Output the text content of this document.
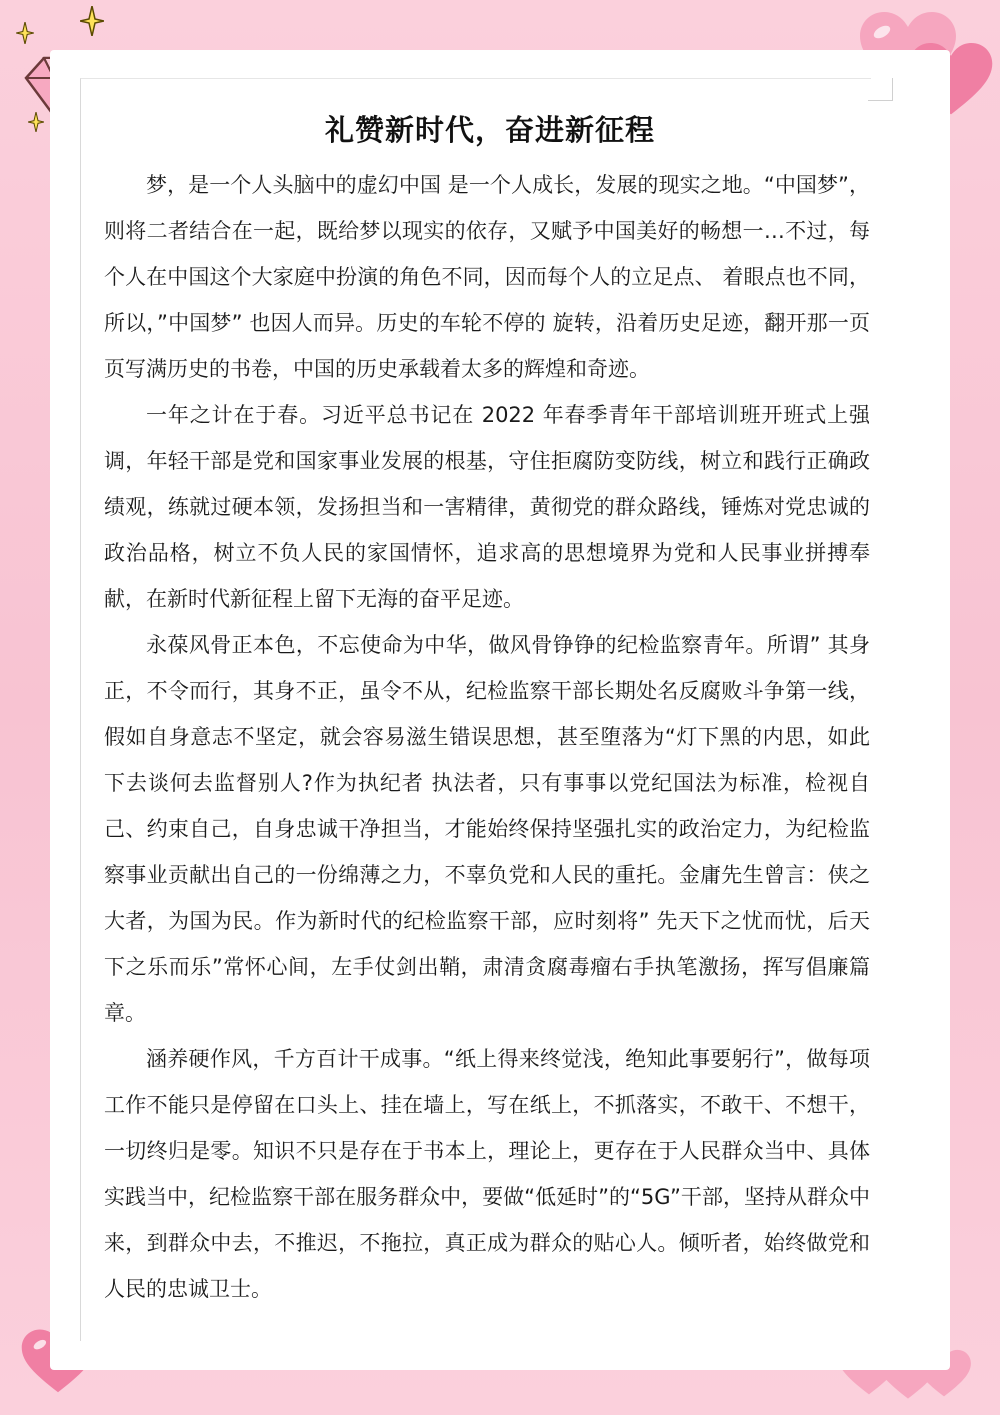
礼赞新时代，奋进新征程

梦，是一个人头脑中的虚幻中国 是一个人成长，发展的现实之地。“中国梦”，则将二者结合在一起，既给梦以现实的依存，又赋予中国美好的畅想一…不过，每个人在中国这个大家庭中扮演的角色不同，因而每个人的立足点、 着眼点也不同，所以，”中国梦” 也因人而异。历史的车轮不停的 旋转，沿着历史足迹，翻开那一页页写满历史的书卷，中国的历史承载着太多的辉煌和奇迹。

一年之计在于春。习近平总书记在 2022 年春季青年干部培训班开班式上强调，年轻干部是党和国家事业发展的根基，守住拒腐防变防线，树立和践行正确政绩观，练就过硬本领，发扬担当和一害精律，黄彻党的群众路线，锤炼对党忠诚的政治品格，树立不负人民的家国情怀，追求高的思想境界为党和人民事业拼搏奉献，在新时代新征程上留下无海的奋平足迹。

永葆风骨正本色，不忘使命为中华，做风骨铮铮的纪检监察青年。所谓” 其身正，不令而行，其身不正，虽令不从，纪检监察干部长期处名反腐败斗争第一线，假如自身意志不坚定，就会容易滋生错误思想，甚至堕落为“灯下黑的内思，如此下去谈何去监督别人?作为执纪者 执法者，只有事事以党纪国法为标准，检视自己、约束自己，自身忠诚干净担当，才能始终保持坚强扎实的政治定力，为纪检监察事业贡献出自己的一份绵薄之力，不辜负党和人民的重托。金庸先生曾言：侠之大者，为国为民。作为新时代的纪检监察干部，应时刻将” 先天下之忧而忧，后天下之乐而乐”常怀心间，左手仗剑出鞘，肃清贪腐毒瘤右手执笔激扬，挥写倡廉篇章。

涵养硬作风，千方百计干成事。“纸上得来终觉浅，绝知此事要躬行”，做每项工作不能只是停留在口头上、挂在墙上，写在纸上，不抓落实，不敢干、不想干，一切终归是零。知识不只是存在于书本上，理论上，更存在于人民群众当中、具体实践当中，纪检监察干部在服务群众中，要做“低延时”的“5G”干部，坚持从群众中来，到群众中去，不推迟，不拖拉，真正成为群众的贴心人。倾听者，始终做党和人民的忠诚卫士。
